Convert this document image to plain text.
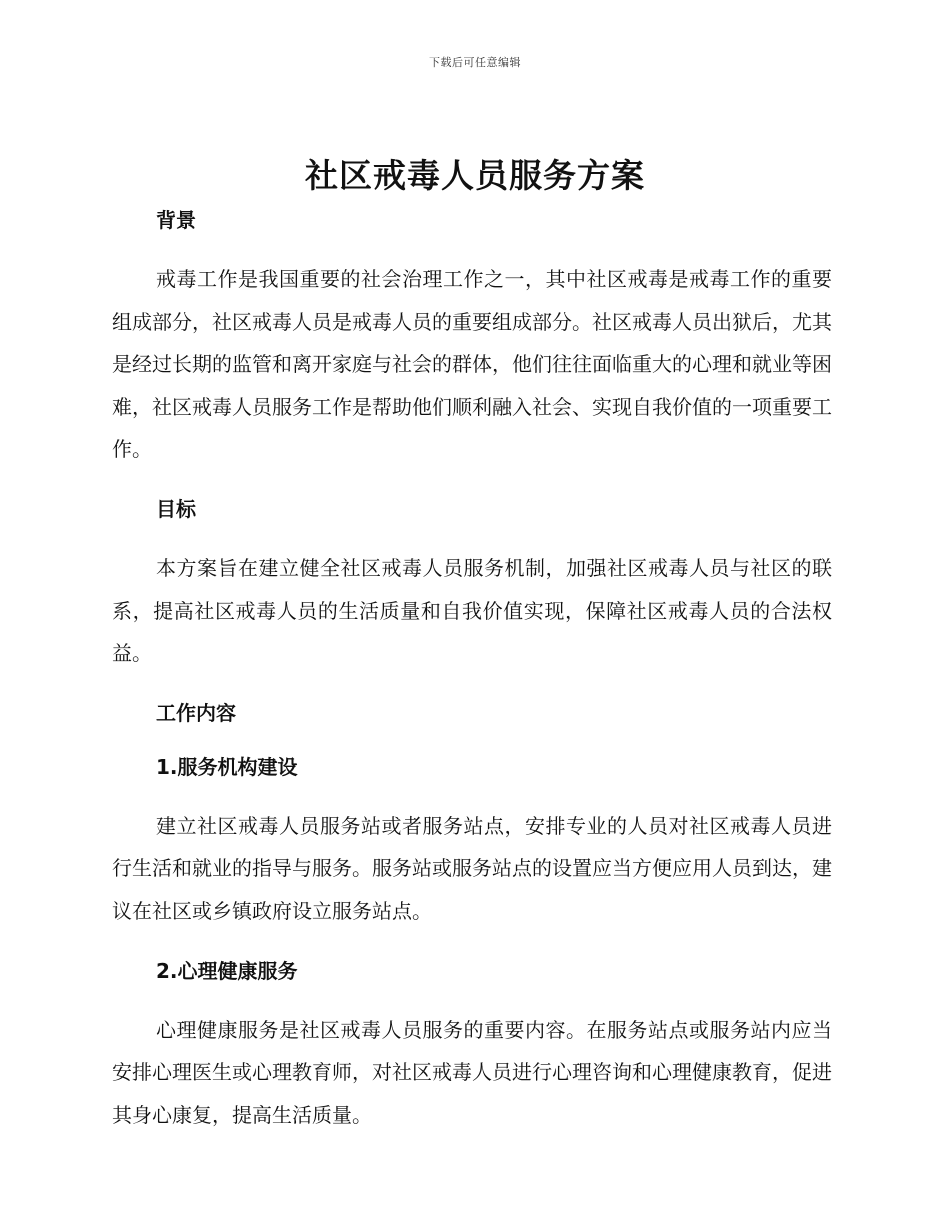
下载后可任意编辑
社区戒毒人员服务方案
背景

戒毒工作是我国重要的社会治理工作之一，其中社区戒毒是戒毒工作的重要组成部分，社区戒毒人员是戒毒人员的重要组成部分。社区戒毒人员出狱后，尤其是经过长期的监管和离开家庭与社会的群体，他们往往面临重大的心理和就业等困难，社区戒毒人员服务工作是帮助他们顺利融入社会、实现自我价值的一项重要工作。

目标

本方案旨在建立健全社区戒毒人员服务机制，加强社区戒毒人员与社区的联系，提高社区戒毒人员的生活质量和自我价值实现，保障社区戒毒人员的合法权益。

工作内容
1.服务机构建设

建立社区戒毒人员服务站或者服务站点，安排专业的人员对社区戒毒人员进行生活和就业的指导与服务。服务站或服务站点的设置应当方便应用人员到达，建议在社区或乡镇政府设立服务站点。

2.心理健康服务

心理健康服务是社区戒毒人员服务的重要内容。在服务站点或服务站内应当安排心理医生或心理教育师，对社区戒毒人员进行心理咨询和心理健康教育，促进其身心康复，提高生活质量。
